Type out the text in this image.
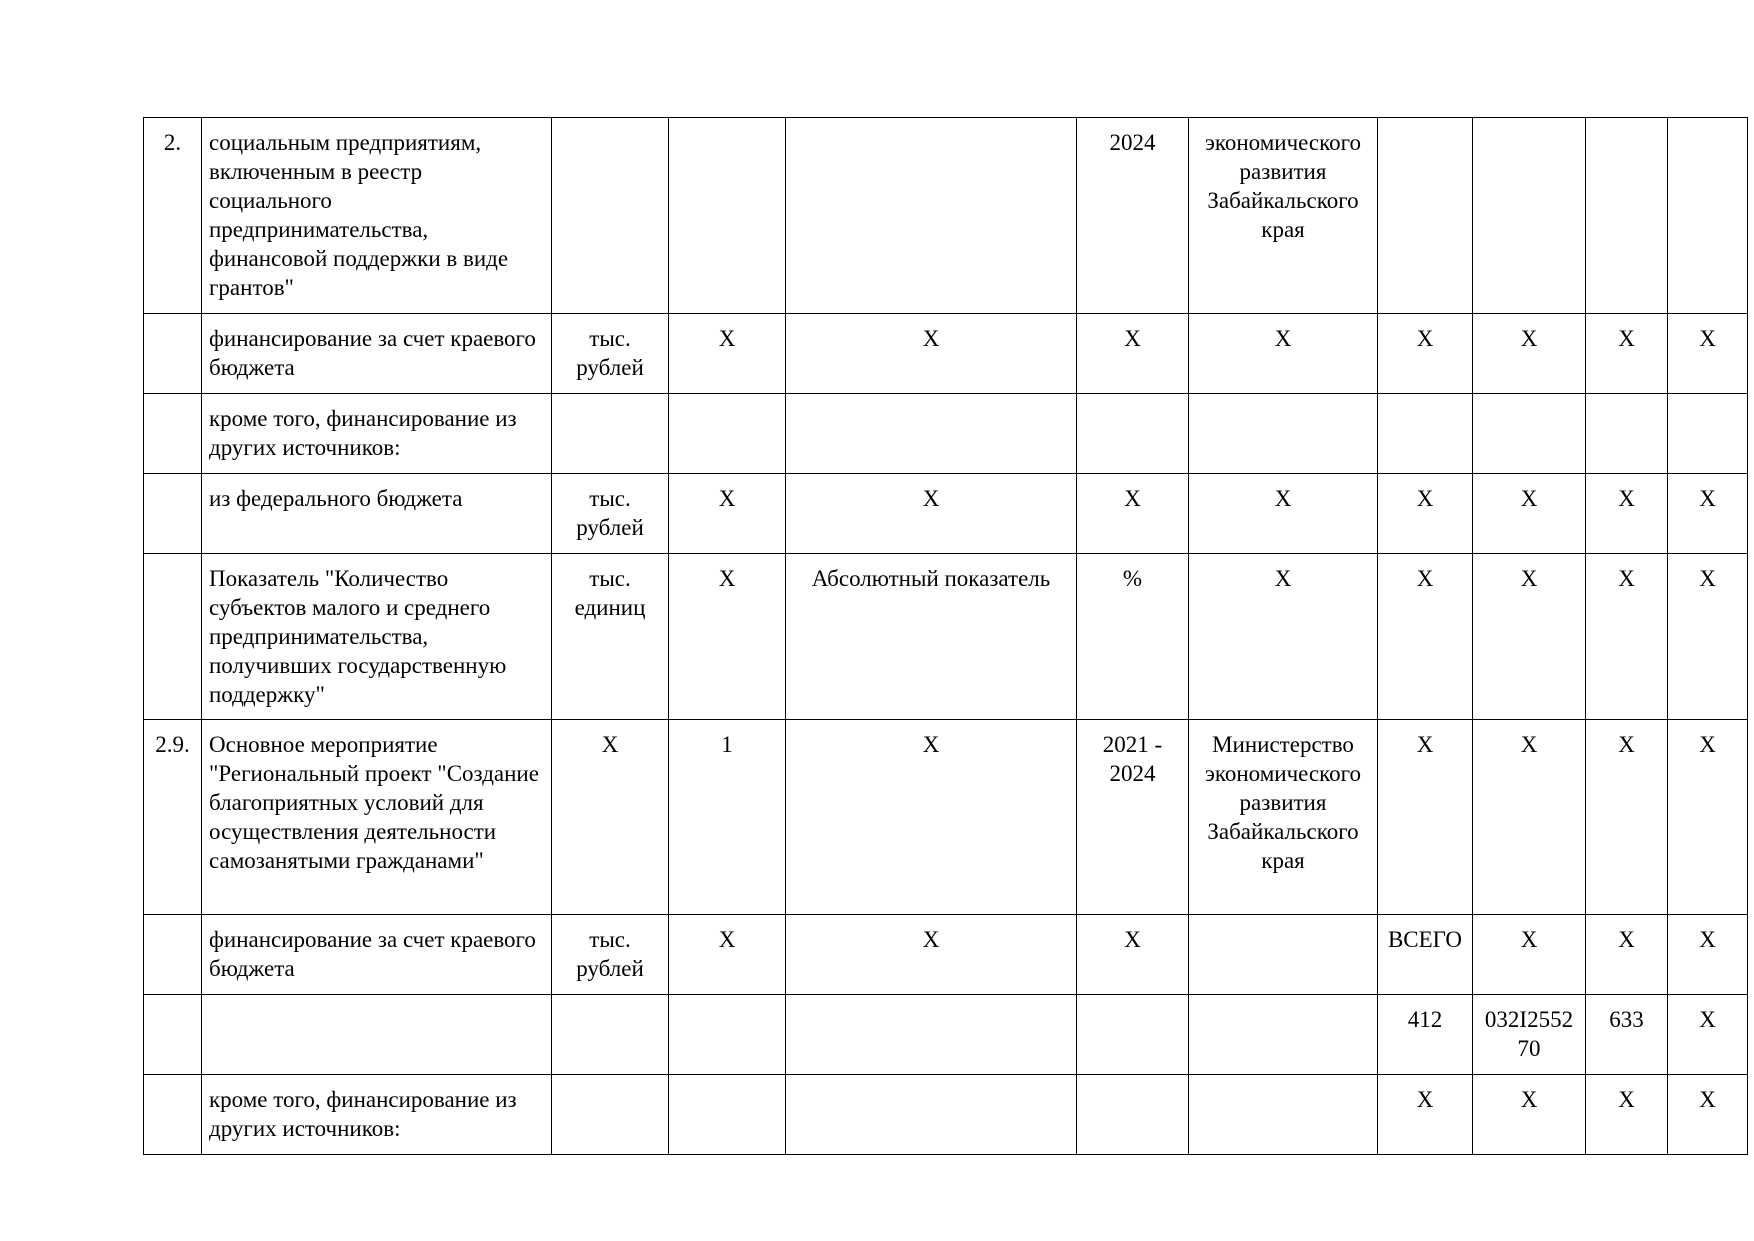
2.	социальным предприятиям, включенным в реестр социального предпринимательства, финансовой поддержки в виде грантов"				2024	экономического развития Забайкальского края				
	финансирование за счет краевого бюджета	тыс. рублей	X	X	X	X	X	X	X	X
	кроме того, финансирование из других источников:									
	из федерального бюджета	тыс. рублей	X	X	X	X	X	X	X	X
	Показатель "Количество субъектов малого и среднего предпринимательства, получивших государственную поддержку"	тыс. единиц	X	Абсолютный показатель	%	X	X	X	X	X
2.9.	Основное мероприятие "Региональный проект "Создание благоприятных условий для осуществления деятельности самозанятыми гражданами"	X	1	X	2021 - 2024	Министерство экономического развития Забайкальского края	X	X	X	X
	финансирование за счет краевого бюджета	тыс. рублей	X	X	X		ВСЕГО	X	X	X
							412	032I2552 70	633	X
	кроме того, финансирование из других источников:						X	X	X	X
